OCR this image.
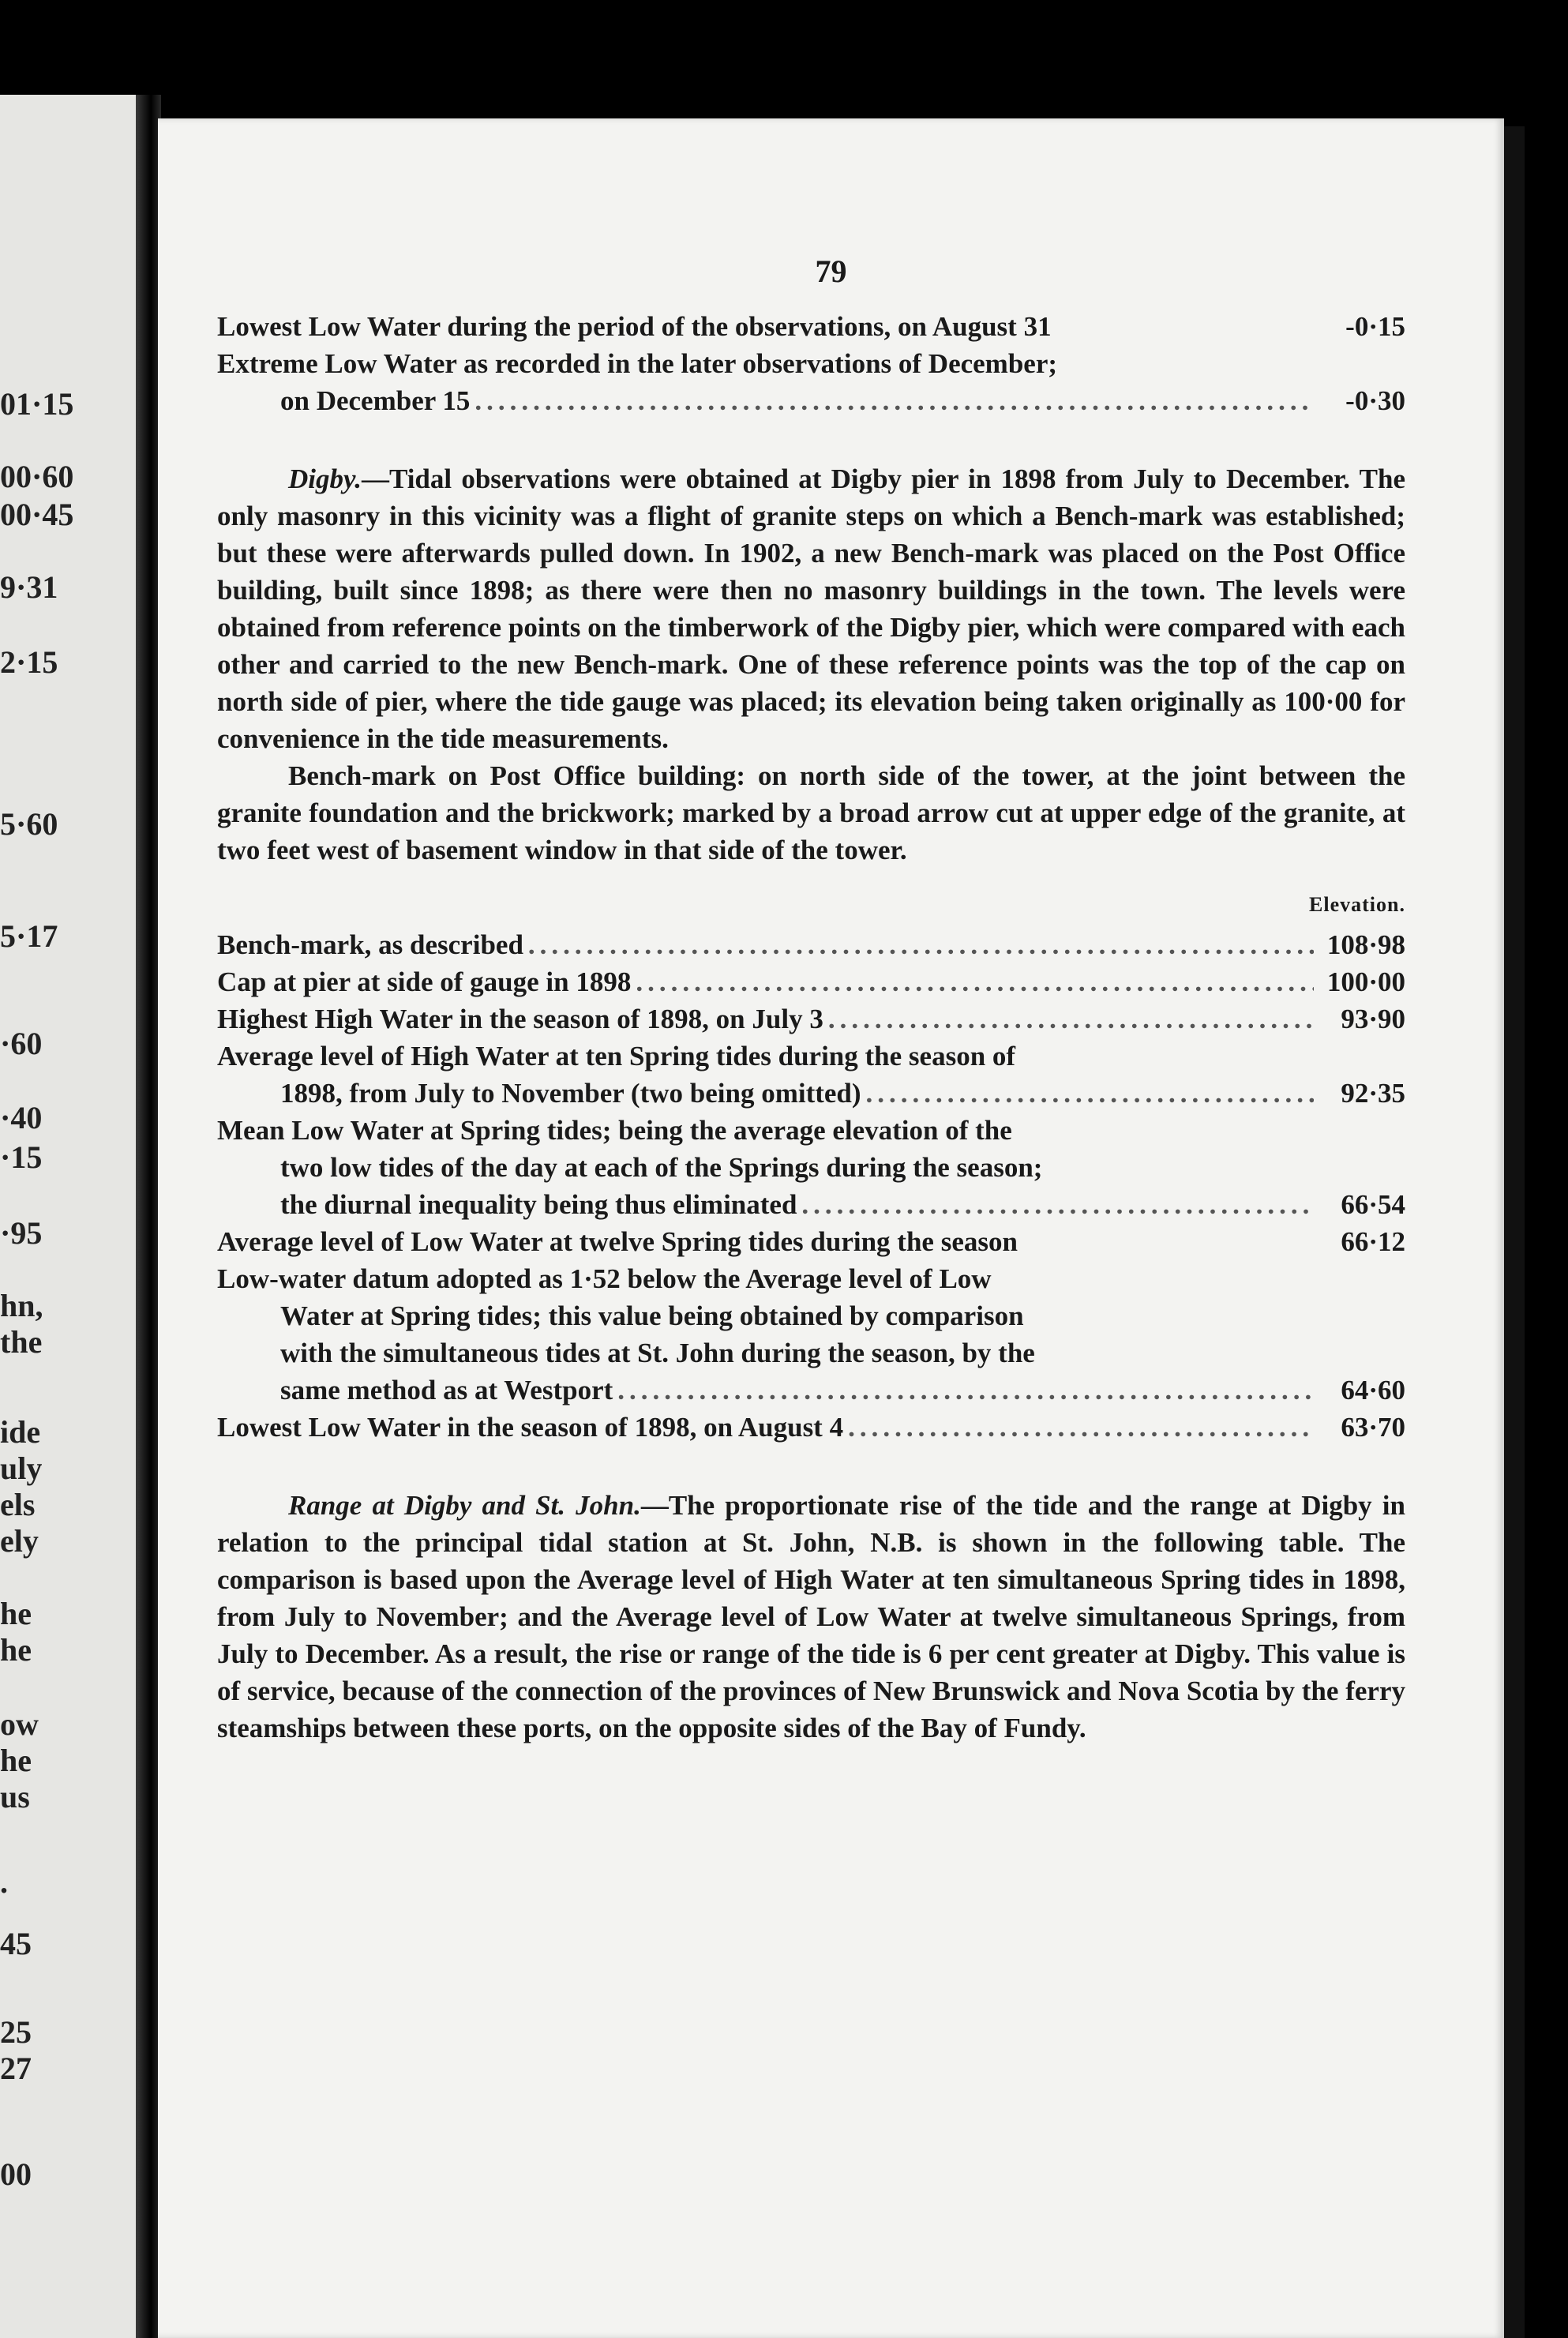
01·15
00·60
00·45
9·31
2·15
5·60
5·17
·60
·40
·15
·95
hn,
the
ide
uly
els
ely
he
he
ow
he
us
.
45
25
27
00
79
Lowest Low Water during the period of the observations, on August 31	-0·15
Extreme Low Water as recorded in the later observations of December;
on December 15 .....	-0·30

Digby.—Tidal observations were obtained at Digby pier in 1898 from July to December. The only masonry in this vicinity was a flight of granite steps on which a Bench-mark was established; but these were afterwards pulled down. In 1902, a new Bench-mark was placed on the Post Office building, built since 1898; as there were then no masonry buildings in the town. The levels were obtained from reference points on the timberwork of the Digby pier, which were compared with each other and carried to the new Bench-mark. One of these reference points was the top of the cap on north side of pier, where the tide gauge was placed; its elevation being taken originally as 100·00 for convenience in the tide measurements.

Bench-mark on Post Office building: on north side of the tower, at the joint between the granite foundation and the brickwork; marked by a broad arrow cut at upper edge of the granite, at two feet west of basement window in that side of the tower.

Elevation.
Bench-mark, as described .....	108·98
Cap at pier at side of gauge in 1898 .....	100·00
Highest High Water in the season of 1898, on July 3 .....	93·90
Average level of High Water at ten Spring tides during the season of
1898, from July to November (two being omitted) .....	92·35
Mean Low Water at Spring tides; being the average elevation of the
two low tides of the day at each of the Springs during the season;
the diurnal inequality being thus eliminated .....	66·54
Average level of Low Water at twelve Spring tides during the season	66·12
Low-water datum adopted as 1·52 below the Average level of Low
Water at Spring tides; this value being obtained by comparison
with the simultaneous tides at St. John during the season, by the
same method as at Westport .....	64·60
Lowest Low Water in the season of 1898, on August 4 .....	63·70

Range at Digby and St. John.—The proportionate rise of the tide and the range at Digby in relation to the principal tidal station at St. John, N.B. is shown in the following table. The comparison is based upon the Average level of High Water at ten simultaneous Spring tides in 1898, from July to November; and the Average level of Low Water at twelve simultaneous Springs, from July to December. As a result, the rise or range of the tide is 6 per cent greater at Digby. This value is of service, because of the connection of the provinces of New Brunswick and Nova Scotia by the ferry steamships between these ports, on the opposite sides of the Bay of Fundy.
